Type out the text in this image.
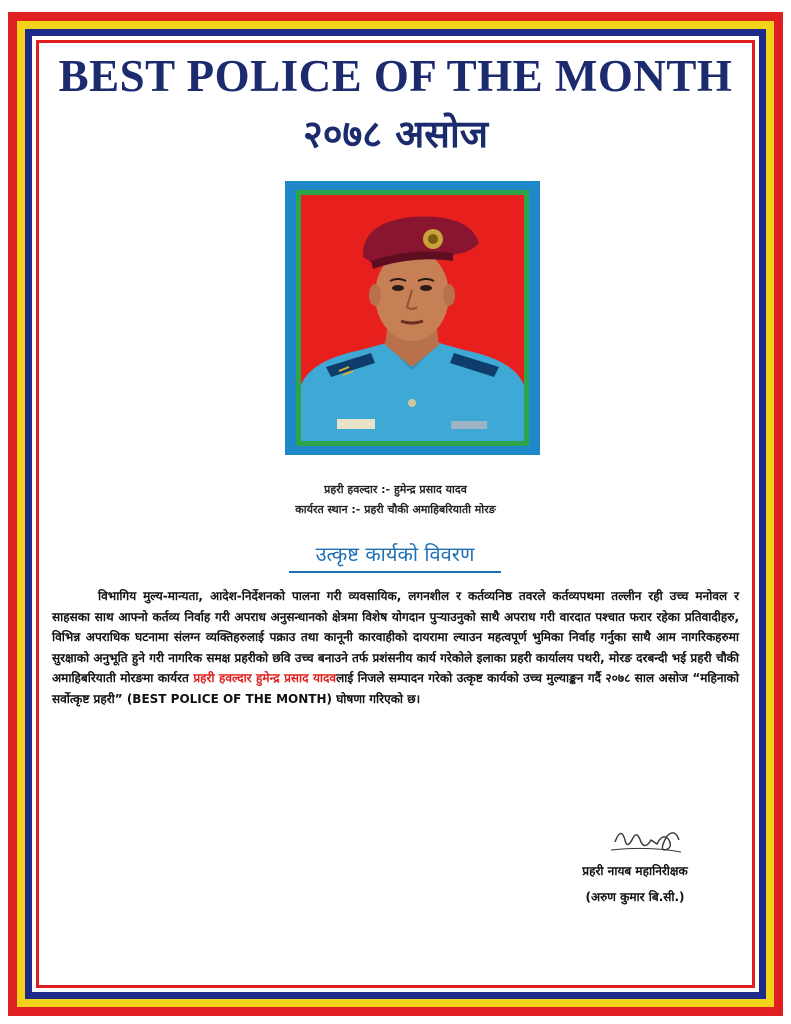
BEST POLICE OF THE MONTH
२०७८ असोज
प्रहरी हवल्दार :- हुमेन्द्र प्रसाद यादव
कार्यरत स्थान :- प्रहरी चौकी अमाहिबरियाती मोरङ
उत्कृष्ट कार्यको विवरण
विभागिय मुल्य-मान्यता, आदेश-निर्देशनको पालना गरी व्यवसायिक, लगनशील र कर्तव्यनिष्ठ तवरले कर्तव्यपथमा तल्लीन रही उच्च मनोवल र साहसका साथ आफ्नो कर्तव्य निर्वाह गरी अपराध अनुसन्धानको क्षेत्रमा विशेष योगदान पुऱ्याउनुको साथै अपराध गरी वारदात पश्चात फरार रहेका प्रतिवादीहरु, विभिन्न अपराधिक घटनामा संलग्न व्यक्तिहरुलाई पक्राउ तथा कानूनी कारवाहीको दायरामा ल्याउन महत्वपूर्ण भुमिका निर्वाह गर्नुका साथै आम नागरिकहरुमा सुरक्षाको अनुभूति हुने गरी नागरिक समक्ष प्रहरीको छवि उच्च बनाउने तर्फ प्रशंसनीय कार्य गरेकोले इलाका प्रहरी कार्यालय पथरी, मोरङ दरबन्दी भई प्रहरी चौकी अमाहिबरियाती मोरङमा कार्यरत प्रहरी हवल्दार हुमेन्द्र प्रसाद यादवलाई निजले सम्पादन गरेको उत्कृष्ट कार्यको उच्च मुल्याङ्कन गर्दै २०७८ साल असोज “महिनाको सर्वोत्कृष्ट प्रहरी” (BEST POLICE OF THE MONTH) घोषणा गरिएको छ।
प्रहरी नायब महानिरीक्षक
(अरुण कुमार बि.सी.)
